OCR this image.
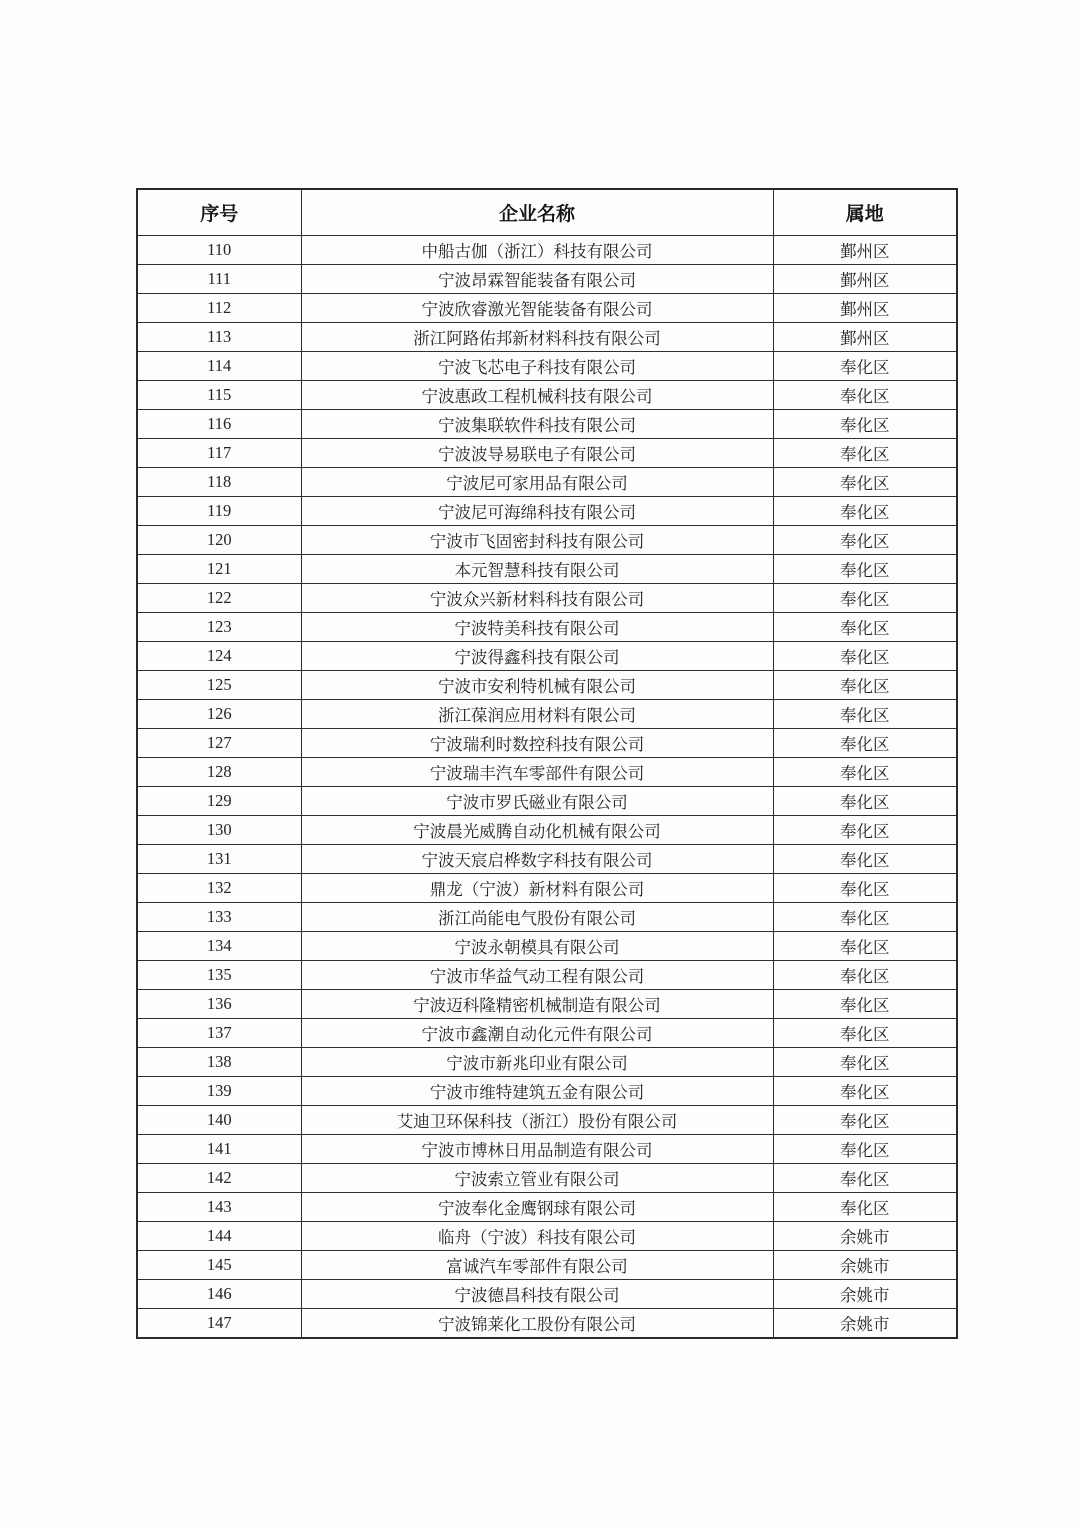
序号	企业名称	属地
110	中船古伽（浙江）科技有限公司	鄞州区
111	宁波昂霖智能装备有限公司	鄞州区
112	宁波欣睿激光智能装备有限公司	鄞州区
113	浙江阿路佑邦新材料科技有限公司	鄞州区
114	宁波飞芯电子科技有限公司	奉化区
115	宁波惠政工程机械科技有限公司	奉化区
116	宁波集联软件科技有限公司	奉化区
117	宁波波导易联电子有限公司	奉化区
118	宁波尼可家用品有限公司	奉化区
119	宁波尼可海绵科技有限公司	奉化区
120	宁波市飞固密封科技有限公司	奉化区
121	本元智慧科技有限公司	奉化区
122	宁波众兴新材料科技有限公司	奉化区
123	宁波特美科技有限公司	奉化区
124	宁波得鑫科技有限公司	奉化区
125	宁波市安利特机械有限公司	奉化区
126	浙江葆润应用材料有限公司	奉化区
127	宁波瑞利时数控科技有限公司	奉化区
128	宁波瑞丰汽车零部件有限公司	奉化区
129	宁波市罗氏磁业有限公司	奉化区
130	宁波晨光威腾自动化机械有限公司	奉化区
131	宁波天宸启桦数字科技有限公司	奉化区
132	鼎龙（宁波）新材料有限公司	奉化区
133	浙江尚能电气股份有限公司	奉化区
134	宁波永朝模具有限公司	奉化区
135	宁波市华益气动工程有限公司	奉化区
136	宁波迈科隆精密机械制造有限公司	奉化区
137	宁波市鑫潮自动化元件有限公司	奉化区
138	宁波市新兆印业有限公司	奉化区
139	宁波市维特建筑五金有限公司	奉化区
140	艾迪卫环保科技（浙江）股份有限公司	奉化区
141	宁波市博林日用品制造有限公司	奉化区
142	宁波索立管业有限公司	奉化区
143	宁波奉化金鹰钢球有限公司	奉化区
144	临舟（宁波）科技有限公司	余姚市
145	富诚汽车零部件有限公司	余姚市
146	宁波德昌科技有限公司	余姚市
147	宁波锦莱化工股份有限公司	余姚市
